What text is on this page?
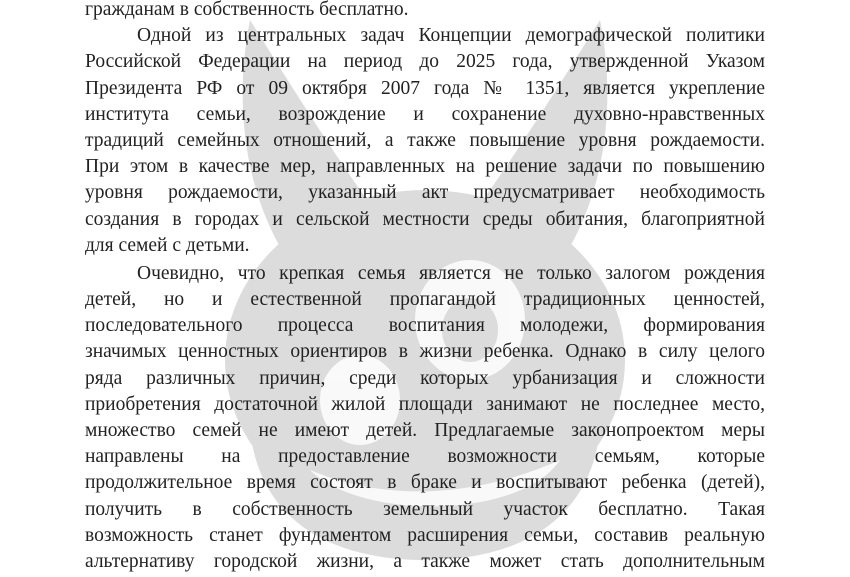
гражданам в собственность бесплатно.
Одной из центральных задач Концепции демографической политики
Российской Федерации на период до 2025 года, утвержденной Указом
Президента РФ от 09 октября 2007 года № 1351, является укрепление
института семьи, возрождение и сохранение духовно-нравственных
традиций семейных отношений, а также повышение уровня рождаемости.
При этом в качестве мер, направленных на решение задачи по повышению
уровня рождаемости, указанный акт предусматривает необходимость
создания в городах и сельской местности среды обитания, благоприятной
для семей с детьми.
Очевидно, что крепкая семья является не только залогом рождения
детей, но и естественной пропагандой традиционных ценностей,
последовательного процесса воспитания молодежи, формирования
значимых ценностных ориентиров в жизни ребенка. Однако в силу целого
ряда различных причин, среди которых урбанизация и сложности
приобретения достаточной жилой площади занимают не последнее место,
множество семей не имеют детей. Предлагаемые законопроектом меры
направлены на предоставление возможности семьям, которые
продолжительное время состоят в браке и воспитывают ребенка (детей),
получить в собственность земельный участок бесплатно. Такая
возможность станет фундаментом расширения семьи, составив реальную
альтернативу городской жизни, а также может стать дополнительным
